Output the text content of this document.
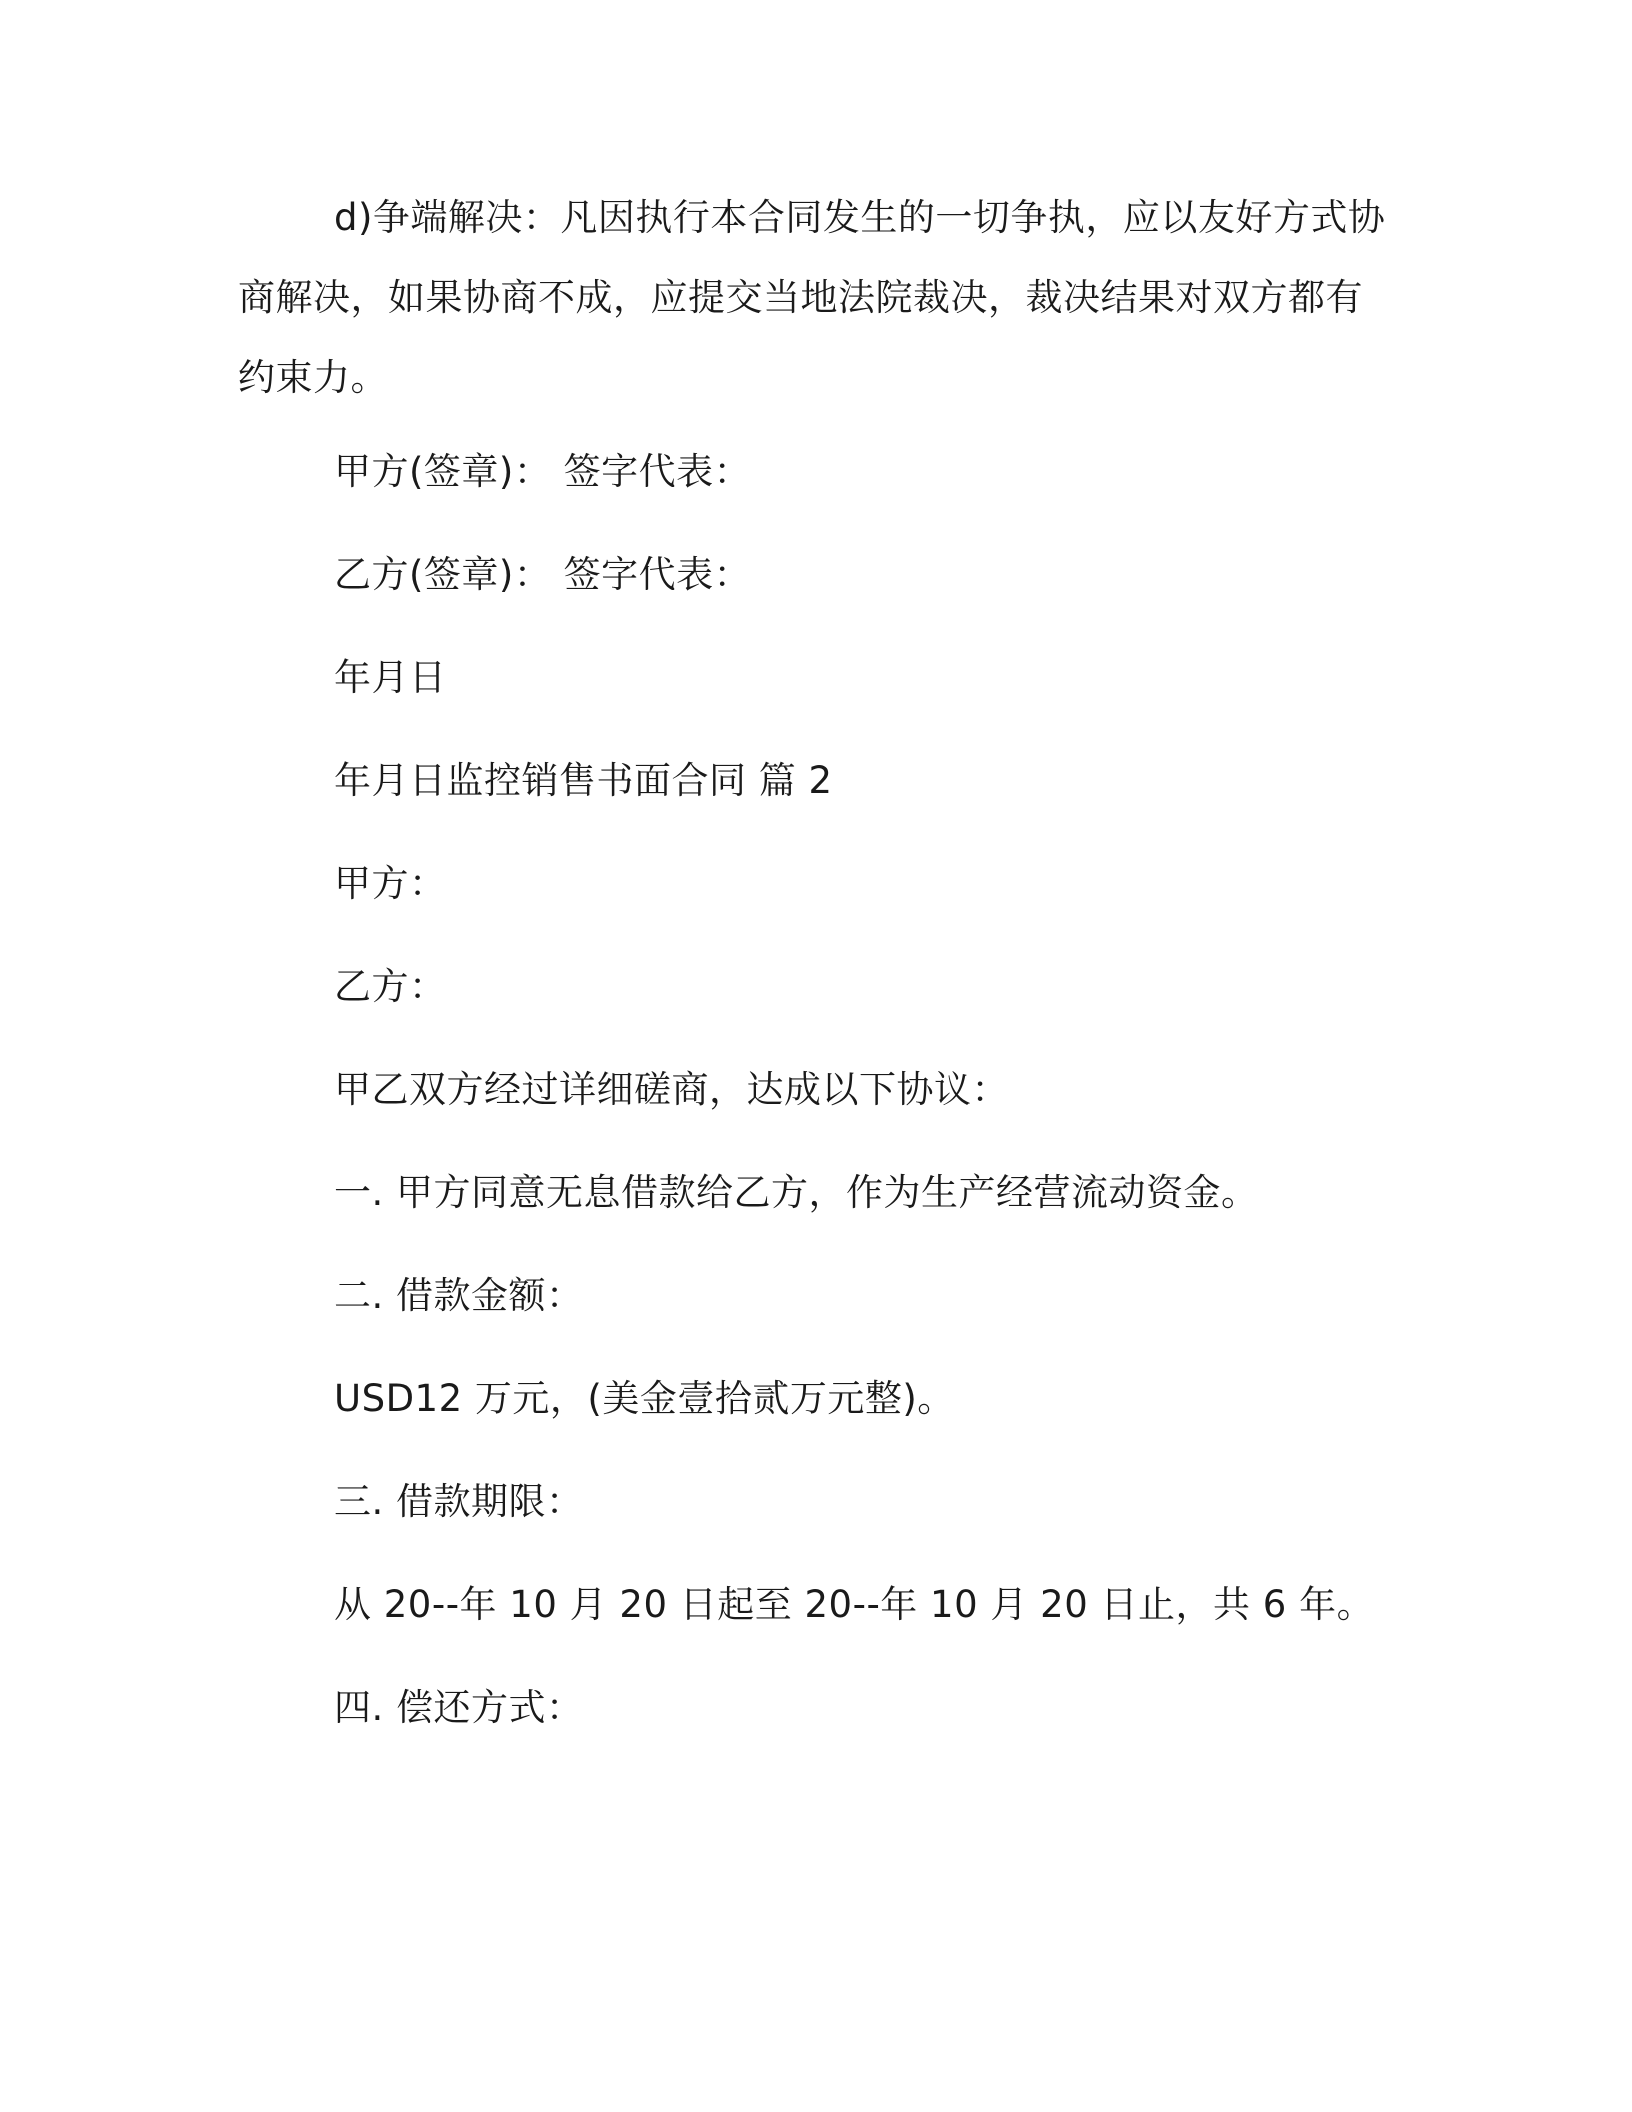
d)争端解决：凡因执行本合同发生的一切争执，应以友好方式协商解决，如果协商不成，应提交当地法院裁决，裁决结果对双方都有约束力。

甲方(签章)： 签字代表：

乙方(签章)： 签字代表：

年月日

年月日监控销售书面合同 篇 2

甲方：

乙方：

甲乙双方经过详细磋商，达成以下协议：

一. 甲方同意无息借款给乙方，作为生产经营流动资金。

二. 借款金额：

USD12 万元，(美金壹拾贰万元整)。

三. 借款期限：

从 20--年 10 月 20 日起至 20--年 10 月 20 日止，共 6 年。

四. 偿还方式：
